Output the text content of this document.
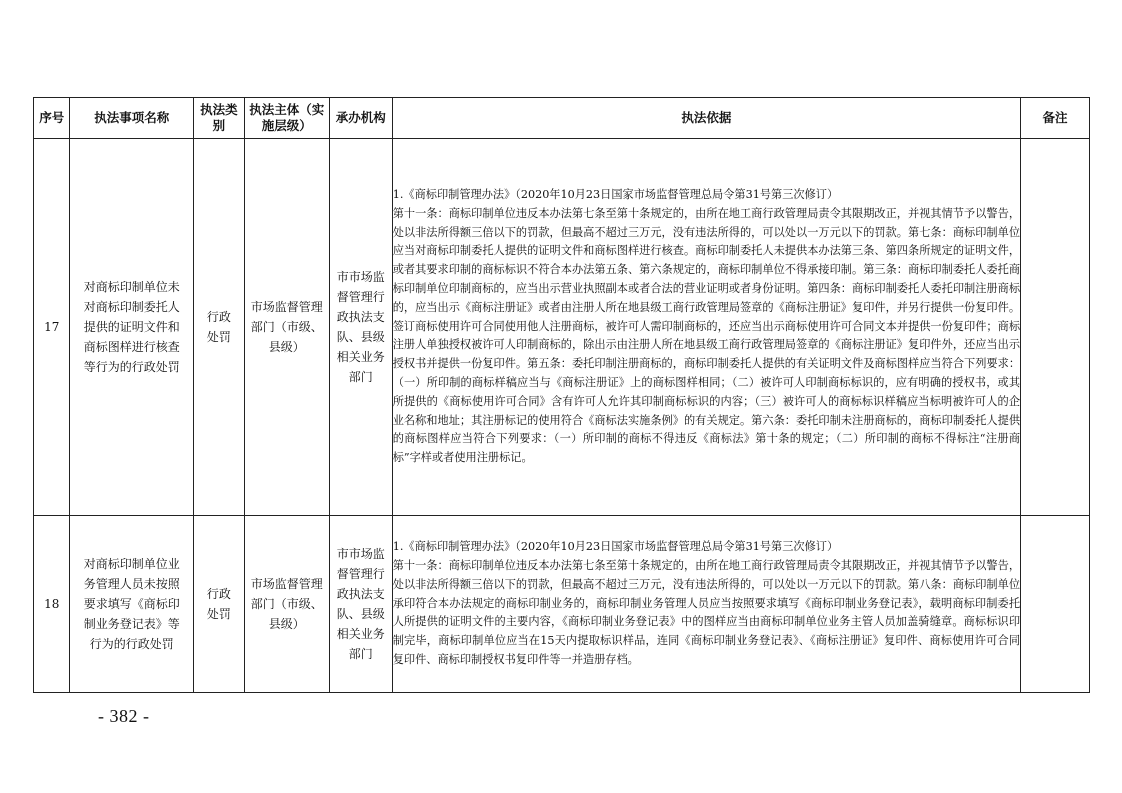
序号	执法事项名称	执法类别	执法主体（实施层级）	承办机构	执法依据	备注
17	对商标印制单位未对商标印制委托人提供的证明文件和商标图样进行核查等行为的行政处罚	行政处罚	市场监督管理部门（市级、县级）	市市场监督管理行政执法支队、县级相关业务部门	1.《商标印制管理办法》（2020年10月23日国家市场监督管理总局令第31号第三次修订）

第十一条：商标印制单位违反本办法第七条至第十条规定的，由所在地工商行政管理局责令其限期改正，并视其情节予以警告，处以非法所得额三倍以下的罚款，但最高不超过三万元，没有违法所得的，可以处以一万元以下的罚款。第七条：商标印制单位应当对商标印制委托人提供的证明文件和商标图样进行核查。商标印制委托人未提供本办法第三条、第四条所规定的证明文件，或者其要求印制的商标标识不符合本办法第五条、第六条规定的，商标印制单位不得承接印制。第三条：商标印制委托人委托商标印制单位印制商标的，应当出示营业执照副本或者合法的营业证明或者身份证明。第四条：商标印制委托人委托印制注册商标的，应当出示《商标注册证》或者由注册人所在地县级工商行政管理局签章的《商标注册证》复印件，并另行提供一份复印件。签订商标使用许可合同使用他人注册商标，被许可人需印制商标的，还应当出示商标使用许可合同文本并提供一份复印件；商标注册人单独授权被许可人印制商标的，除出示由注册人所在地县级工商行政管理局签章的《商标注册证》复印件外，还应当出示授权书并提供一份复印件。第五条：委托印制注册商标的，商标印制委托人提供的有关证明文件及商标图样应当符合下列要求：（一）所印制的商标样稿应当与《商标注册证》上的商标图样相同；（二）被许可人印制商标标识的，应有明确的授权书，或其所提供的《商标使用许可合同》含有许可人允许其印制商标标识的内容；（三）被许可人的商标标识样稿应当标明被许可人的企业名称和地址；其注册标记的使用符合《商标法实施条例》的有关规定。第六条：委托印制未注册商标的，商标印制委托人提供的商标图样应当符合下列要求：（一）所印制的商标不得违反《商标法》第十条的规定；（二）所印制的商标不得标注“注册商标”字样或者使用注册标记。	

18	对商标印制单位业务管理人员未按照要求填写《商标印制业务登记表》等行为的行政处罚	行政处罚	市场监督管理部门（市级、县级）	市市场监督管理行政执法支队、县级相关业务部门	1.《商标印制管理办法》（2020年10月23日国家市场监督管理总局令第31号第三次修订）

第十一条：商标印制单位违反本办法第七条至第十条规定的，由所在地工商行政管理局责令其限期改正，并视其情节予以警告，处以非法所得额三倍以下的罚款，但最高不超过三万元，没有违法所得的，可以处以一万元以下的罚款。第八条：商标印制单位承印符合本办法规定的商标印制业务的，商标印制业务管理人员应当按照要求填写《商标印制业务登记表》，载明商标印制委托人所提供的证明文件的主要内容，《商标印制业务登记表》中的图样应当由商标印制单位业务主管人员加盖骑缝章。商标标识印制完毕，商标印制单位应当在15天内提取标识样品，连同《商标印制业务登记表》、《商标注册证》复印件、商标使用许可合同复印件、商标印制授权书复印件等一并造册存档。	

- 382 -
